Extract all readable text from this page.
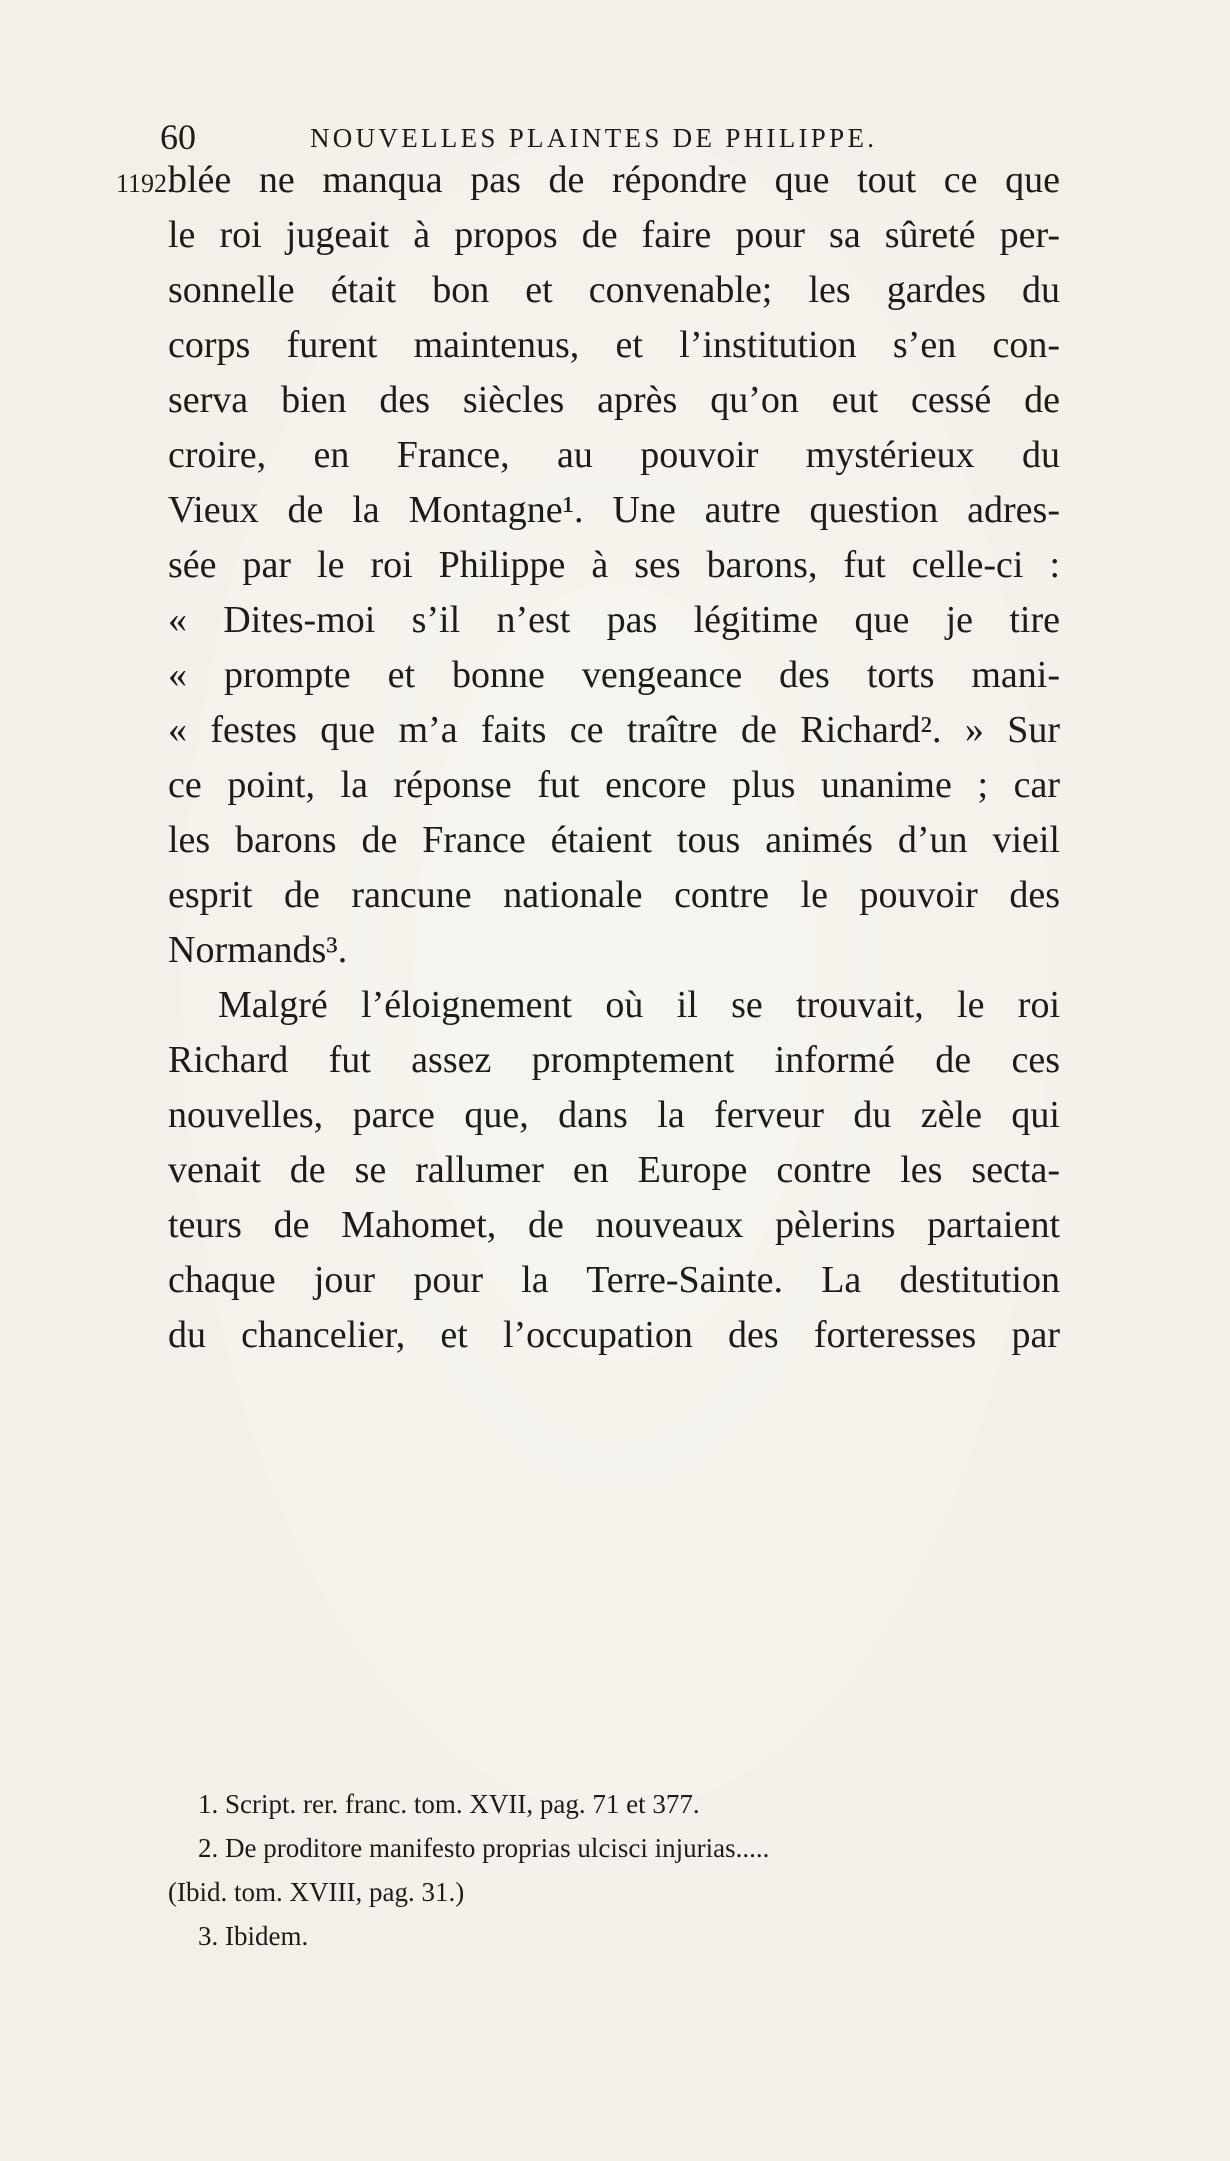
60	NOUVELLES PLAINTES DE PHILIPPE.
1192.
blée ne manqua pas de répondre que tout ce que
le roi jugeait à propos de faire pour sa sûreté per-
sonnelle était bon et convenable; les gardes du
corps furent maintenus, et l’institution s’en con-
serva bien des siècles après qu’on eut cessé de
croire, en France, au pouvoir mystérieux du
Vieux de la Montagne¹. Une autre question adres-
sée par le roi Philippe à ses barons, fut celle-ci :
« Dites-moi s’il n’est pas légitime que je tire
« prompte et bonne vengeance des torts mani-
« festes que m’a faits ce traître de Richard². » Sur
ce point, la réponse fut encore plus unanime ; car
les barons de France étaient tous animés d’un vieil
esprit de rancune nationale contre le pouvoir des
Normands³.
Malgré l’éloignement où il se trouvait, le roi
Richard fut assez promptement informé de ces
nouvelles, parce que, dans la ferveur du zèle qui
venait de se rallumer en Europe contre les secta-
teurs de Mahomet, de nouveaux pèlerins partaient
chaque jour pour la Terre-Sainte. La destitution
du chancelier, et l’occupation des forteresses par
1. Script. rer. franc. tom. XVII, pag. 71 et 377.
2. De proditore manifesto proprias ulcisci injurias.....
(Ibid. tom. XVIII, pag. 31.)
3. Ibidem.
